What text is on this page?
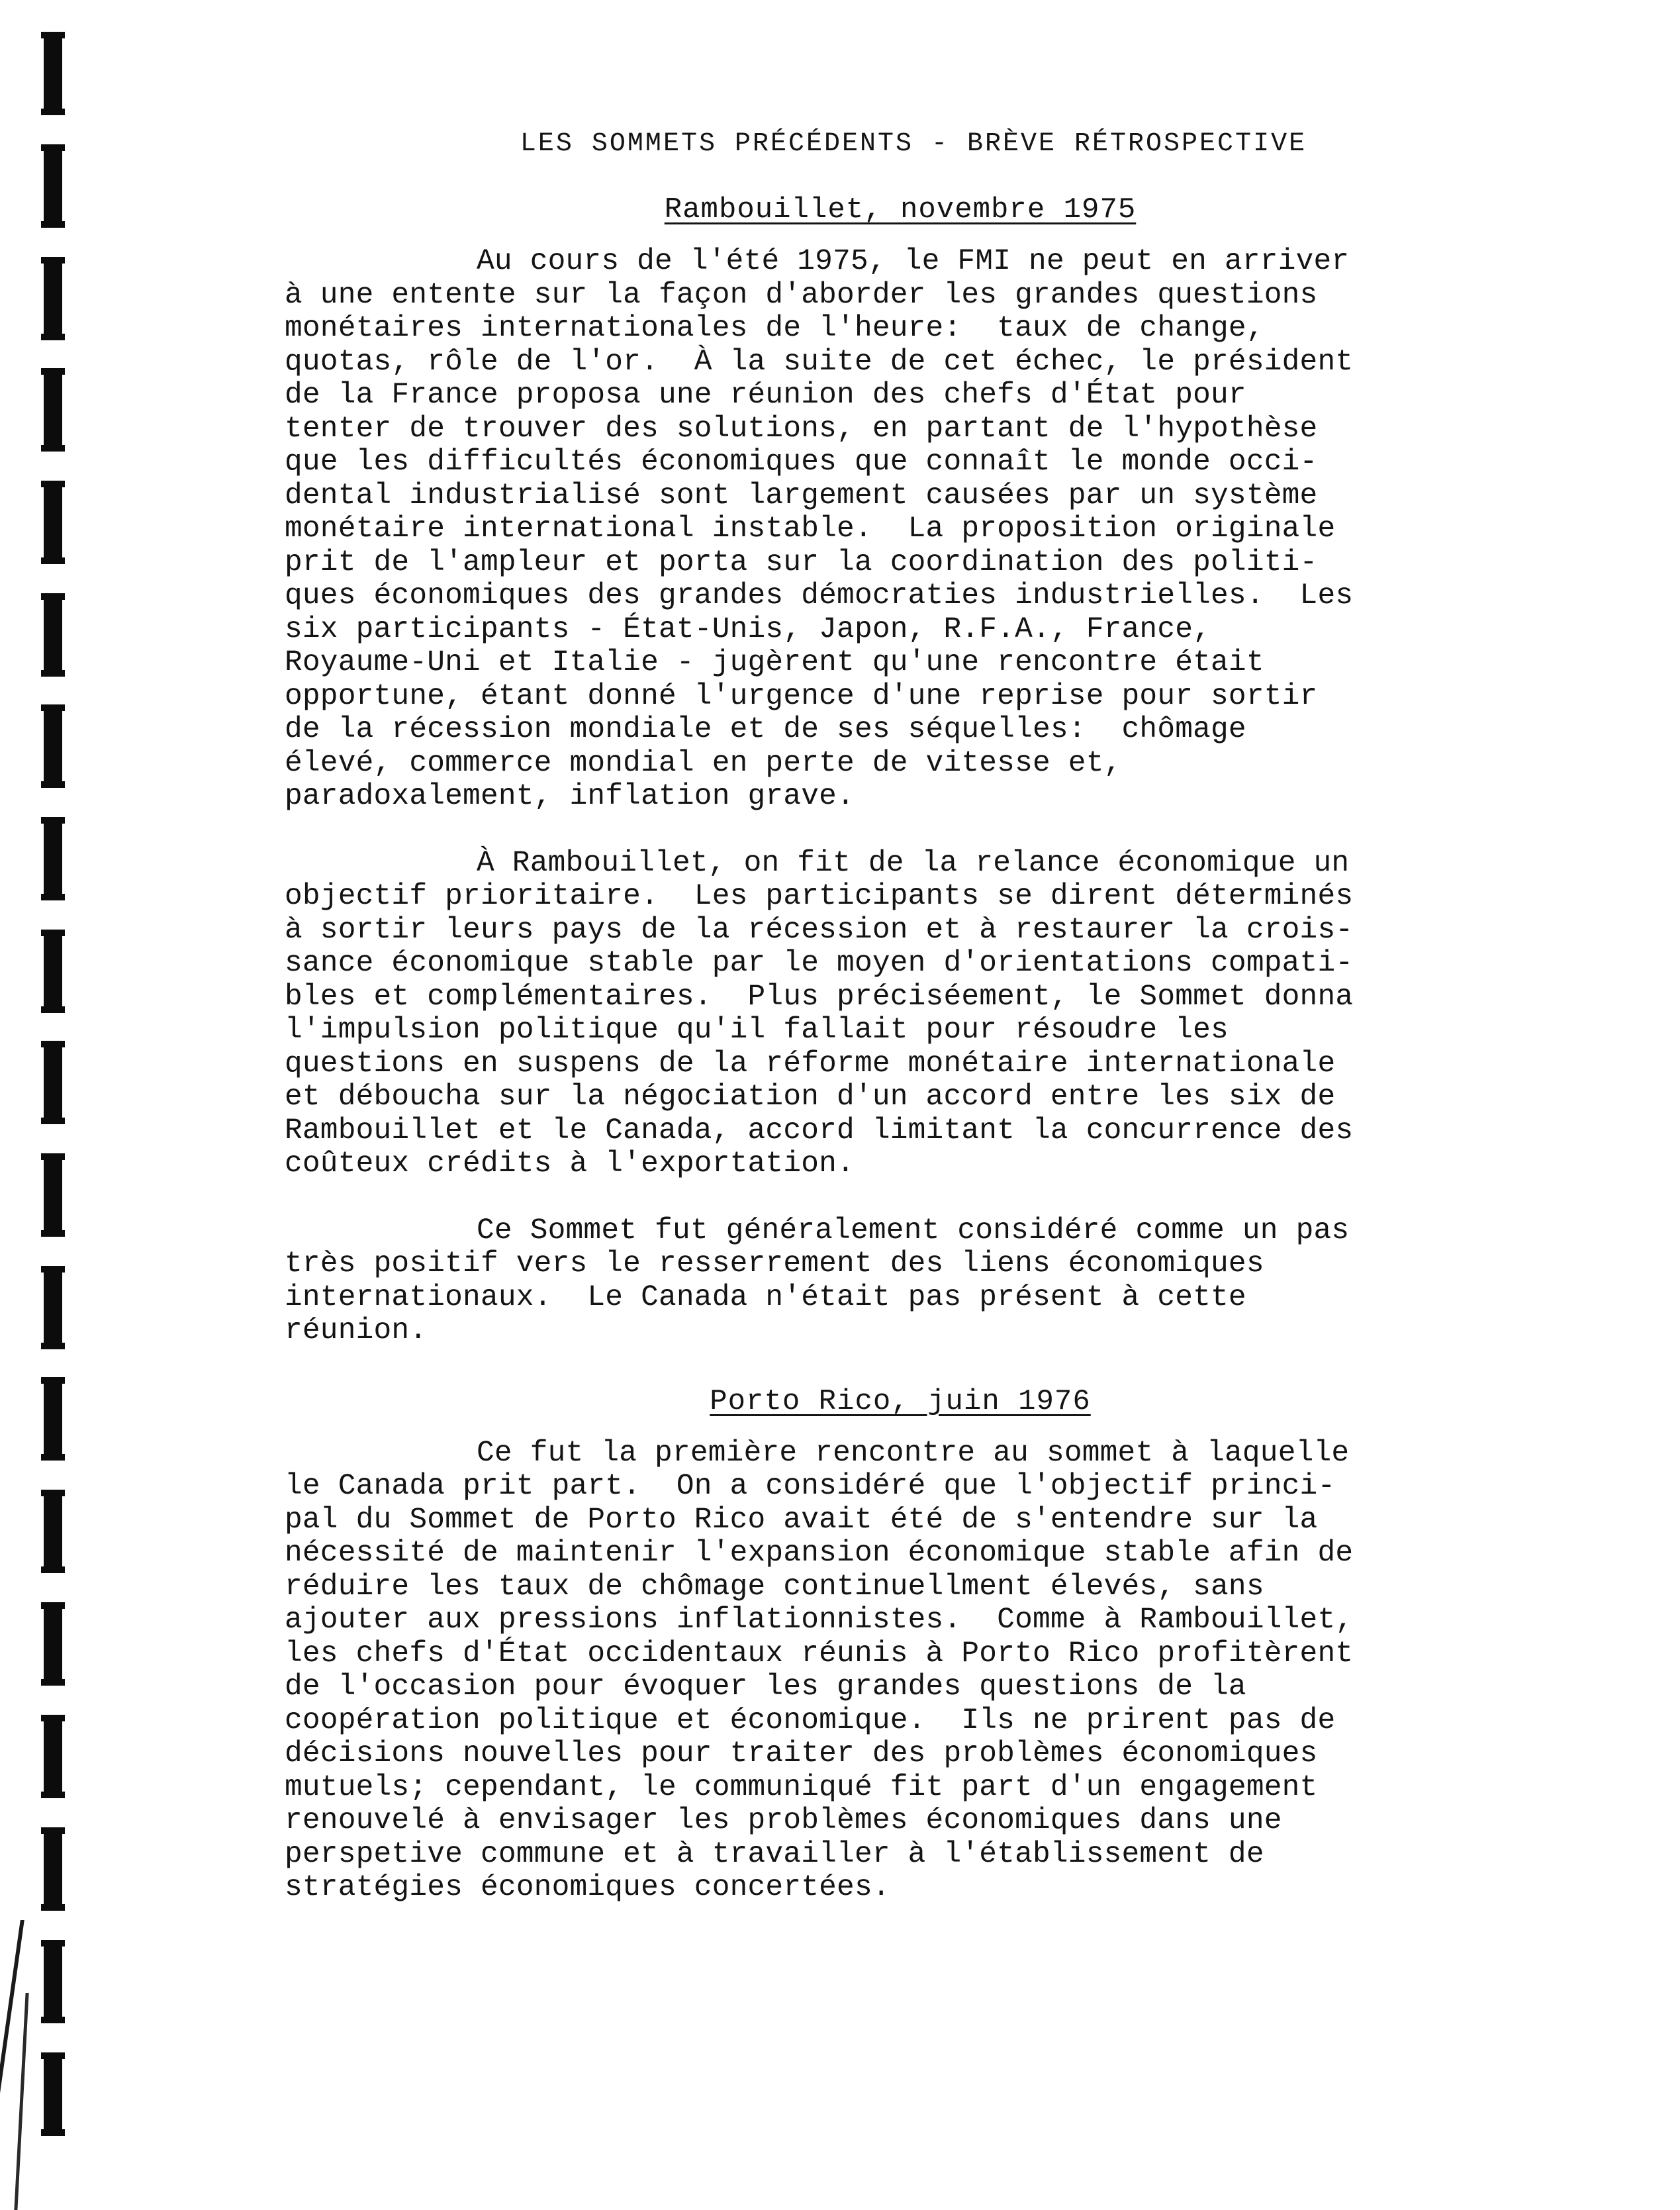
LES SOMMETS PRÉCÉDENTS - BRÈVE RÉTROSPECTIVE
Rambouillet, novembre 1975
Au cours de l'été 1975, le FMI ne peut en arriver
à une entente sur la façon d'aborder les grandes questions
monétaires internationales de l'heure:  taux de change,
quotas, rôle de l'or.  À la suite de cet échec, le président
de la France proposa une réunion des chefs d'État pour
tenter de trouver des solutions, en partant de l'hypothèse
que les difficultés économiques que connaît le monde occi-
dental industrialisé sont largement causées par un système
monétaire international instable.  La proposition originale
prit de l'ampleur et porta sur la coordination des politi-
ques économiques des grandes démocraties industrielles.  Les
six participants - État-Unis, Japon, R.F.A., France,
Royaume-Uni et Italie - jugèrent qu'une rencontre était
opportune, étant donné l'urgence d'une reprise pour sortir
de la récession mondiale et de ses séquelles:  chômage
élevé, commerce mondial en perte de vitesse et,
paradoxalement, inflation grave.
À Rambouillet, on fit de la relance économique un
objectif prioritaire.  Les participants se dirent déterminés
à sortir leurs pays de la récession et à restaurer la crois-
sance économique stable par le moyen d'orientations compati-
bles et complémentaires.  Plus préciséement, le Sommet donna
l'impulsion politique qu'il fallait pour résoudre les
questions en suspens de la réforme monétaire internationale
et déboucha sur la négociation d'un accord entre les six de
Rambouillet et le Canada, accord limitant la concurrence des
coûteux crédits à l'exportation.
Ce Sommet fut généralement considéré comme un pas
très positif vers le resserrement des liens économiques
internationaux.  Le Canada n'était pas présent à cette
réunion.
Porto Rico, juin 1976
Ce fut la première rencontre au sommet à laquelle
le Canada prit part.  On a considéré que l'objectif princi-
pal du Sommet de Porto Rico avait été de s'entendre sur la
nécessité de maintenir l'expansion économique stable afin de
réduire les taux de chômage continuellment élevés, sans
ajouter aux pressions inflationnistes.  Comme à Rambouillet,
les chefs d'État occidentaux réunis à Porto Rico profitèrent
de l'occasion pour évoquer les grandes questions de la
coopération politique et économique.  Ils ne prirent pas de
décisions nouvelles pour traiter des problèmes économiques
mutuels; cependant, le communiqué fit part d'un engagement
renouvelé à envisager les problèmes économiques dans une
perspetive commune et à travailler à l'établissement de
stratégies économiques concertées.
